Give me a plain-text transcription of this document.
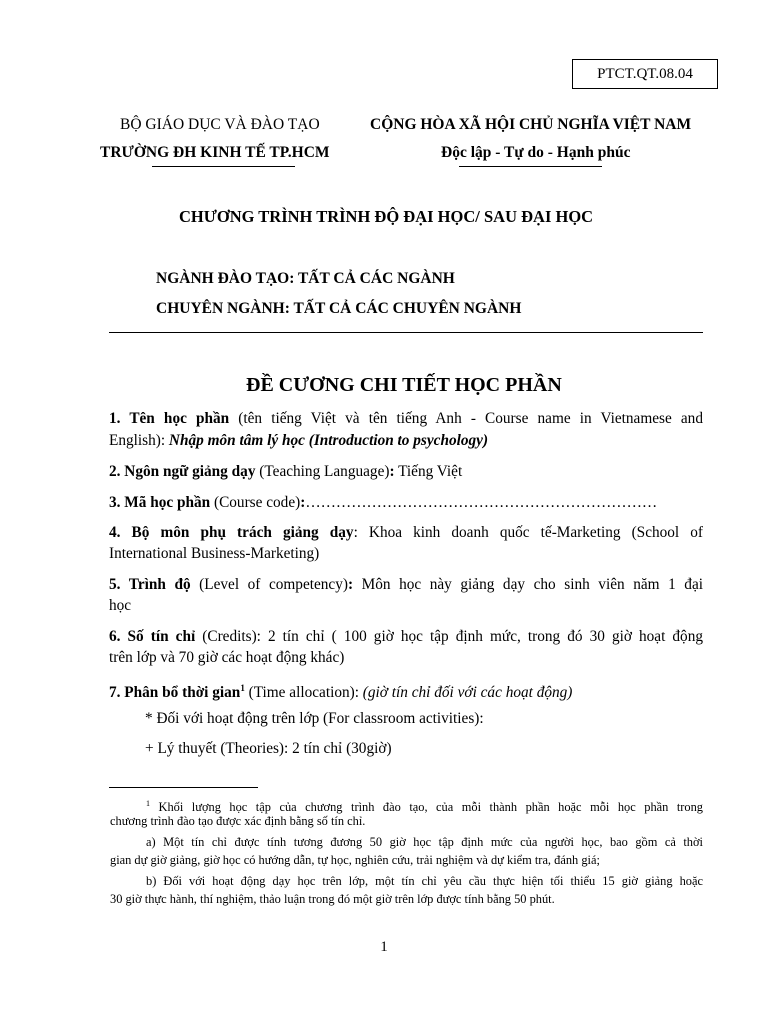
PTCT.QT.08.04
BỘ GIÁO DỤC VÀ ĐÀO TẠO
TRƯỜNG ĐH KINH TẾ TP.HCM
CỘNG HÒA XÃ HỘI CHỦ NGHĨA VIỆT NAM
Độc lập - Tự do - Hạnh phúc
CHƯƠNG TRÌNH TRÌNH ĐỘ ĐẠI HỌC/ SAU ĐẠI HỌC
NGÀNH ĐÀO TẠO: TẤT CẢ CÁC NGÀNH
CHUYÊN NGÀNH: TẤT CẢ CÁC CHUYÊN NGÀNH
ĐỀ CƯƠNG CHI TIẾT HỌC PHẦN
1. Tên học phần (tên tiếng Việt và tên tiếng Anh - Course name in Vietnamese and
English): Nhập môn tâm lý học (Introduction to psychology)
2. Ngôn ngữ giảng dạy (Teaching Language): Tiếng Việt
3. Mã học phần (Course code):……………………………………………………………
4. Bộ môn phụ trách giảng dạy: Khoa kinh doanh quốc tế-Marketing (School of
International Business-Marketing)
5. Trình độ (Level of competency): Môn học này giảng dạy cho sinh viên năm 1 đại
học
6. Số tín chỉ (Credits): 2 tín chỉ ( 100 giờ học tập định mức, trong đó 30 giờ hoạt động
trên lớp và 70 giờ các hoạt động khác)
7. Phân bổ thời gian$^1$ (Time allocation): (giờ tín chỉ đối với các hoạt động)
* Đối với hoạt động trên lớp (For classroom activities):
+ Lý thuyết (Theories): 2 tín chỉ (30giờ)
$^1$ Khối lượng học tập của chương trình đào tạo, của mỗi thành phần hoặc mỗi học phần trong
chương trình đào tạo được xác định bằng số tín chỉ.
a) Một tín chỉ được tính tương đương 50 giờ học tập định mức của người học, bao gồm cả thời
gian dự giờ giảng, giờ học có hướng dẫn, tự học, nghiên cứu, trải nghiệm và dự kiểm tra, đánh giá;
b) Đối với hoạt động dạy học trên lớp, một tín chỉ yêu cầu thực hiện tối thiểu 15 giờ giảng hoặc
30 giờ thực hành, thí nghiệm, thảo luận trong đó một giờ trên lớp được tính bằng 50 phút.
1
